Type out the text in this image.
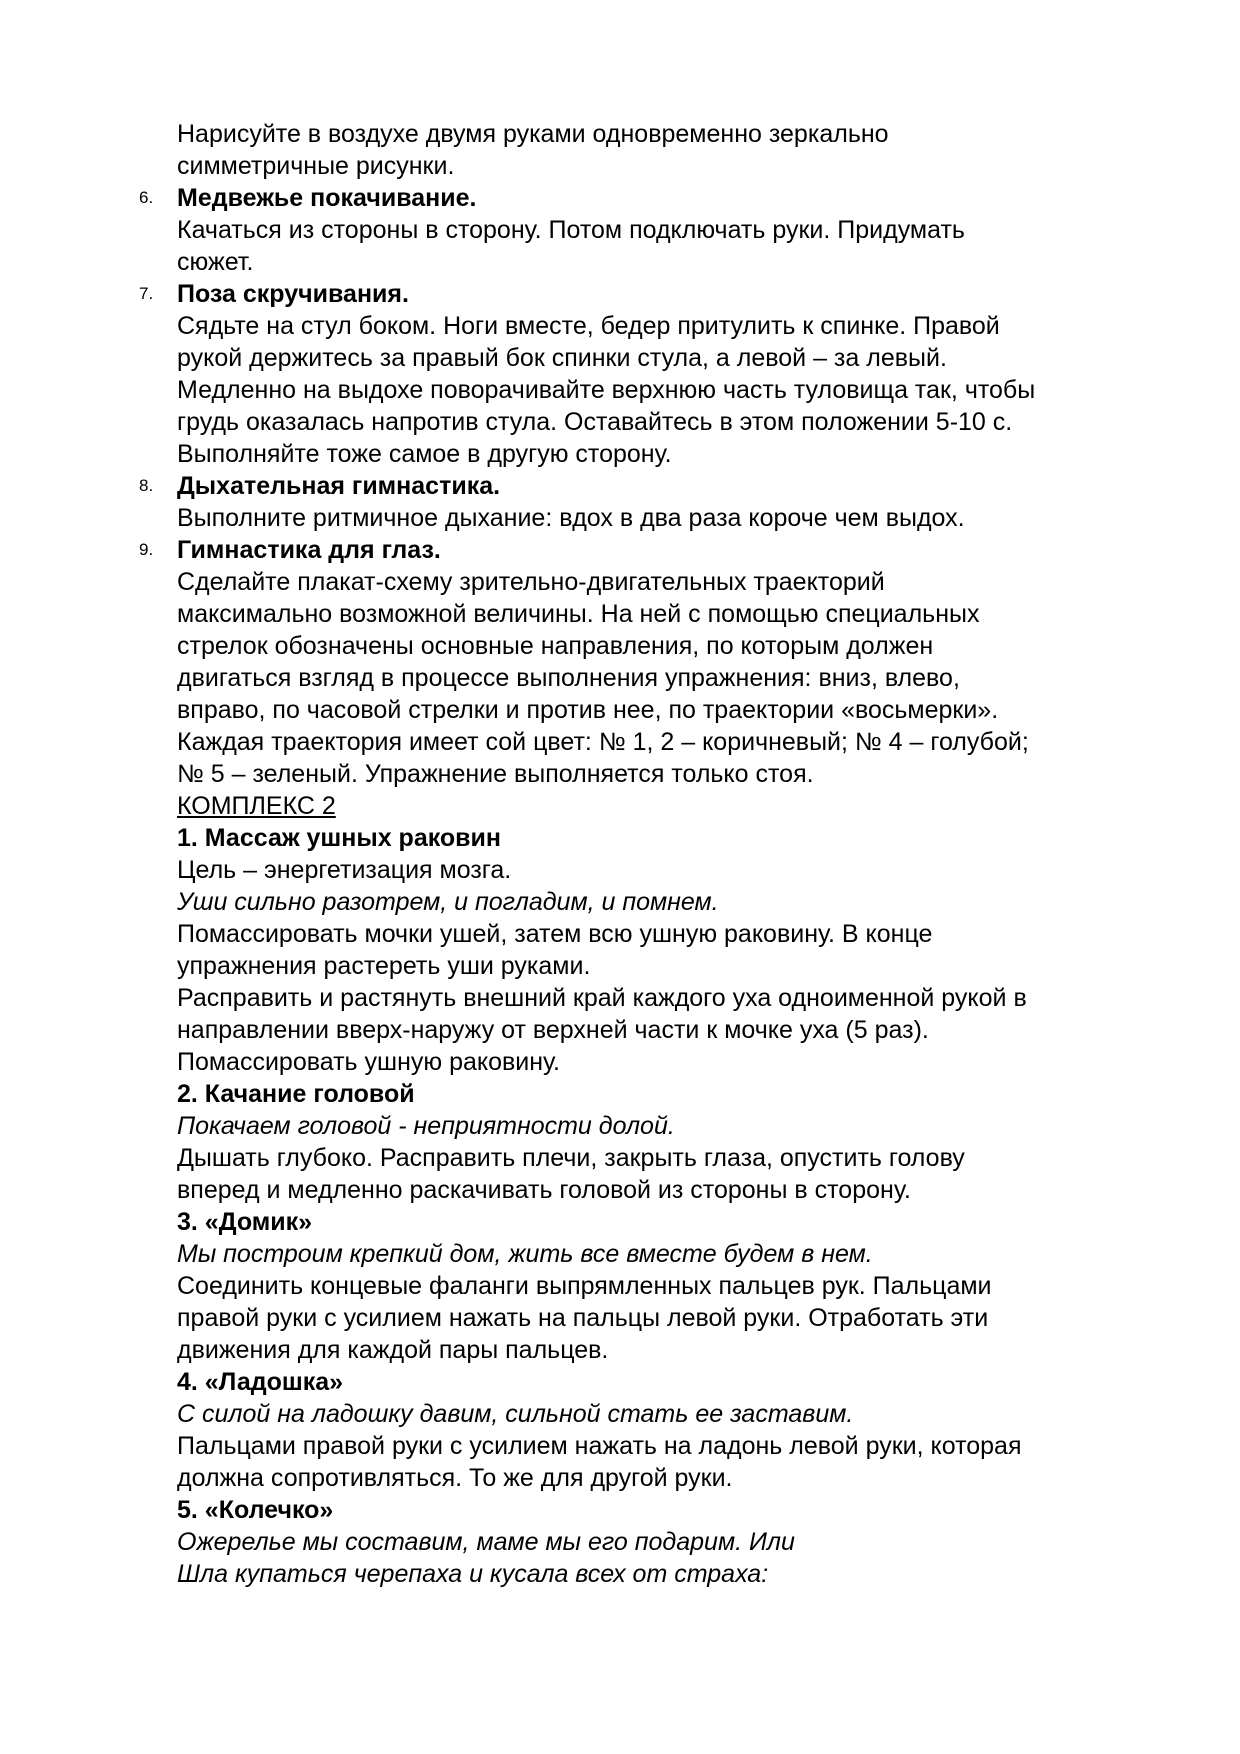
Нарисуйте в воздухе двумя руками одновременно зеркально
симметричные рисунки.
6. Медвежье покачивание.
Качаться из стороны в сторону. Потом подключать руки. Придумать
сюжет.
7. Поза скручивания.
Сядьте на стул боком. Ноги вместе, бедер притулить к спинке. Правой
рукой держитесь за правый бок спинки стула, а левой – за левый.
Медленно на выдохе поворачивайте верхнюю часть туловища так, чтобы
грудь оказалась напротив стула. Оставайтесь в этом положении 5-10 с.
Выполняйте тоже самое в другую сторону.
8. Дыхательная гимнастика.
Выполните ритмичное дыхание: вдох в два раза короче чем выдох.
9. Гимнастика для глаз.
Сделайте плакат-схему зрительно-двигательных траекторий
максимально возможной величины. На ней с помощью специальных
стрелок обозначены основные направления, по которым должен
двигаться взгляд в процессе выполнения упражнения: вниз, влево,
вправо, по часовой стрелки и против нее, по траектории «восьмерки».
Каждая траектория имеет сой цвет: № 1, 2 – коричневый; № 4 – голубой;
№ 5 – зеленый. Упражнение выполняется только стоя.
КОМПЛЕКС 2
1. Массаж ушных раковин
Цель – энергетизация мозга.
Уши сильно разотрем, и погладим, и помнем.
Помассировать мочки ушей, затем всю ушную раковину. В конце
упражнения растереть уши руками.
Расправить и растянуть внешний край каждого уха одноименной рукой в
направлении вверх-наружу от верхней части к мочке уха (5 раз).
Помассировать ушную раковину.
2. Качание головой
Покачаем головой - неприятности долой.
Дышать глубоко. Расправить плечи, закрыть глаза, опустить голову
вперед и медленно раскачивать головой из стороны в сторону.
3. «Домик»
Мы построим крепкий дом, жить все вместе будем в нем.
Соединить концевые фаланги выпрямленных пальцев рук. Пальцами
правой руки с усилием нажать на пальцы левой руки. Отработать эти
движения для каждой пары пальцев.
4. «Ладошка»
С силой на ладошку давим, сильной стать ее заставим.
Пальцами правой руки с усилием нажать на ладонь левой руки, которая
должна сопротивляться. То же для другой руки.
5. «Колечко»
Ожерелье мы составим, маме мы его подарим. Или
Шла купаться черепаха и кусала всех от страха:
